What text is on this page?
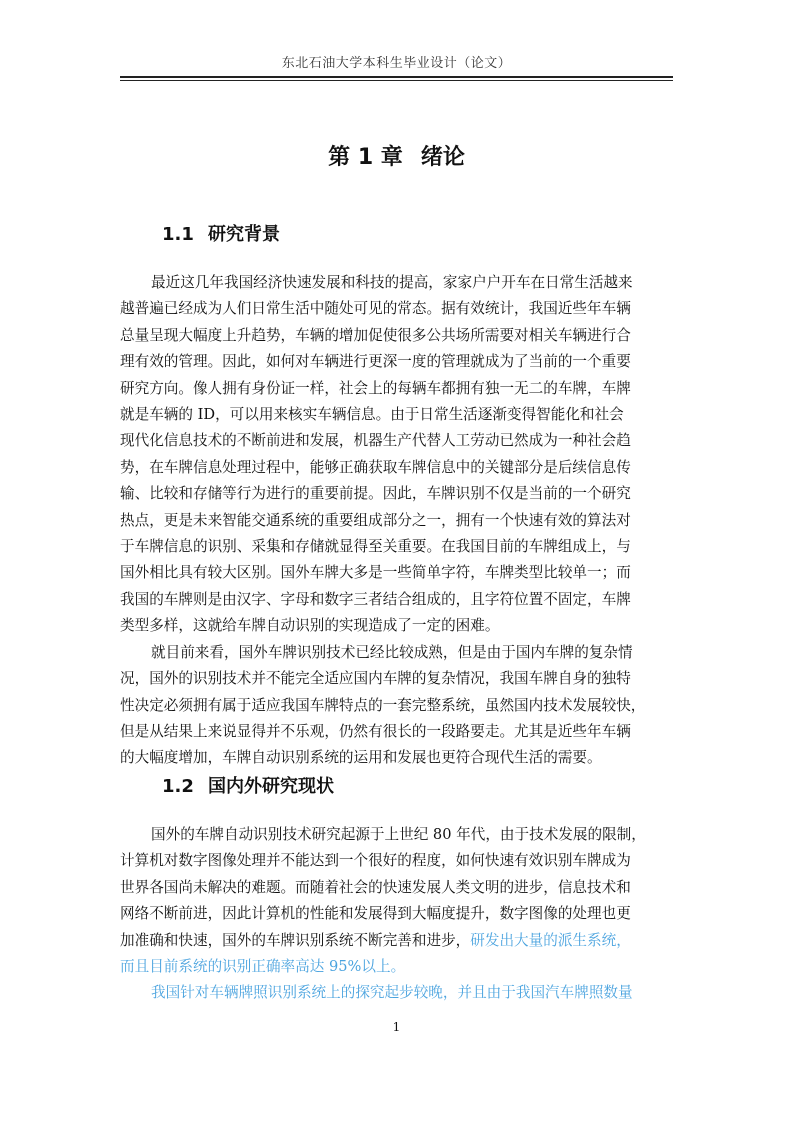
东北石油大学本科生毕业设计（论文）
第 1 章 绪论
1.1 研究背景
最近这几年我国经济快速发展和科技的提高，家家户户开车在日常生活越来
越普遍已经成为人们日常生活中随处可见的常态。据有效统计，我国近些年车辆
总量呈现大幅度上升趋势，车辆的增加促使很多公共场所需要对相关车辆进行合
理有效的管理。因此，如何对车辆进行更深一度的管理就成为了当前的一个重要
研究方向。像人拥有身份证一样，社会上的每辆车都拥有独一无二的车牌，车牌
就是车辆的 ID，可以用来核实车辆信息。由于日常生活逐渐变得智能化和社会
现代化信息技术的不断前进和发展，机器生产代替人工劳动已然成为一种社会趋
势，在车牌信息处理过程中，能够正确获取车牌信息中的关键部分是后续信息传
输、比较和存储等行为进行的重要前提。因此，车牌识别不仅是当前的一个研究
热点，更是未来智能交通系统的重要组成部分之一，拥有一个快速有效的算法对
于车牌信息的识别、采集和存储就显得至关重要。在我国目前的车牌组成上，与
国外相比具有较大区别。国外车牌大多是一些简单字符，车牌类型比较单一；而
我国的车牌则是由汉字、字母和数字三者结合组成的，且字符位置不固定，车牌
类型多样，这就给车牌自动识别的实现造成了一定的困难。
就目前来看，国外车牌识别技术已经比较成熟，但是由于国内车牌的复杂情
况，国外的识别技术并不能完全适应国内车牌的复杂情况，我国车牌自身的独特
性决定必须拥有属于适应我国车牌特点的一套完整系统，虽然国内技术发展较快，
但是从结果上来说显得并不乐观，仍然有很长的一段路要走。尤其是近些年车辆
的大幅度增加，车牌自动识别系统的运用和发展也更符合现代生活的需要。
1.2 国内外研究现状
国外的车牌自动识别技术研究起源于上世纪 80 年代，由于技术发展的限制，
计算机对数字图像处理并不能达到一个很好的程度，如何快速有效识别车牌成为
世界各国尚未解决的难题。而随着社会的快速发展人类文明的进步，信息技术和
网络不断前进，因此计算机的性能和发展得到大幅度提升，数字图像的处理也更
加准确和快速，国外的车牌识别系统不断完善和进步，研发出大量的派生系统，
而且目前系统的识别正确率高达 95%以上。
我国针对车辆牌照识别系统上的探究起步较晚，并且由于我国汽车牌照数量
1
